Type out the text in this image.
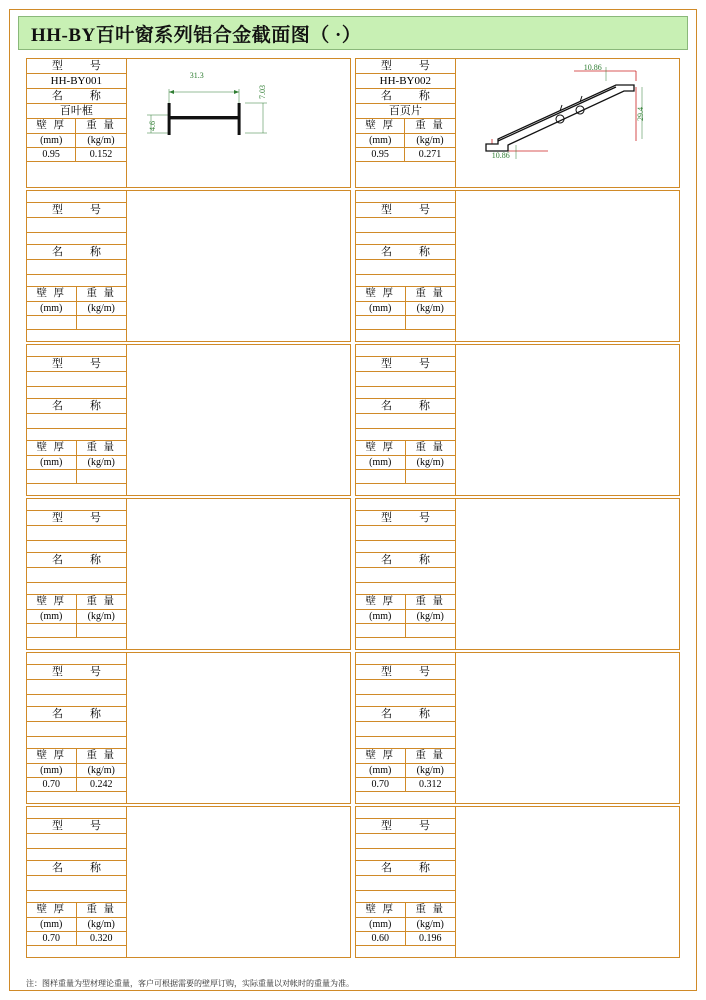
HH-BY百叶窗系列铝合金截面图（ ·）
型　号
HH-BY001
名　称
百叶框
壁 厚	重 量
(mm)	(kg/m)
0.95	0.152
31.3
7.03
4.6
型　号
名　称
壁 厚	重 量
(mm)	(kg/m)
型　号
名　称
壁 厚	重 量
(mm)	(kg/m)
型　号
名　称
壁 厚	重 量
(mm)	(kg/m)
型　号
名　称
壁 厚	重 量
(mm)	(kg/m)
0.70	0.242
型　号
名　称
壁 厚	重 量
(mm)	(kg/m)
0.70	0.320
型　号
HH-BY002
名　称
百页片
壁 厚	重 量
(mm)	(kg/m)
0.95	0.271
10.86
29.4
10.86
型　号
名　称
壁 厚	重 量
(mm)	(kg/m)
型　号
名　称
壁 厚	重 量
(mm)	(kg/m)
型　号
名　称
壁 厚	重 量
(mm)	(kg/m)
型　号
名　称
壁 厚	重 量
(mm)	(kg/m)
0.70	0.312
型　号
名　称
壁 厚	重 量
(mm)	(kg/m)
0.60	0.196
注：图样重量为型材理论重量，客户可根据需要的壁厚订购，实际重量以对帐时的重量为准。
